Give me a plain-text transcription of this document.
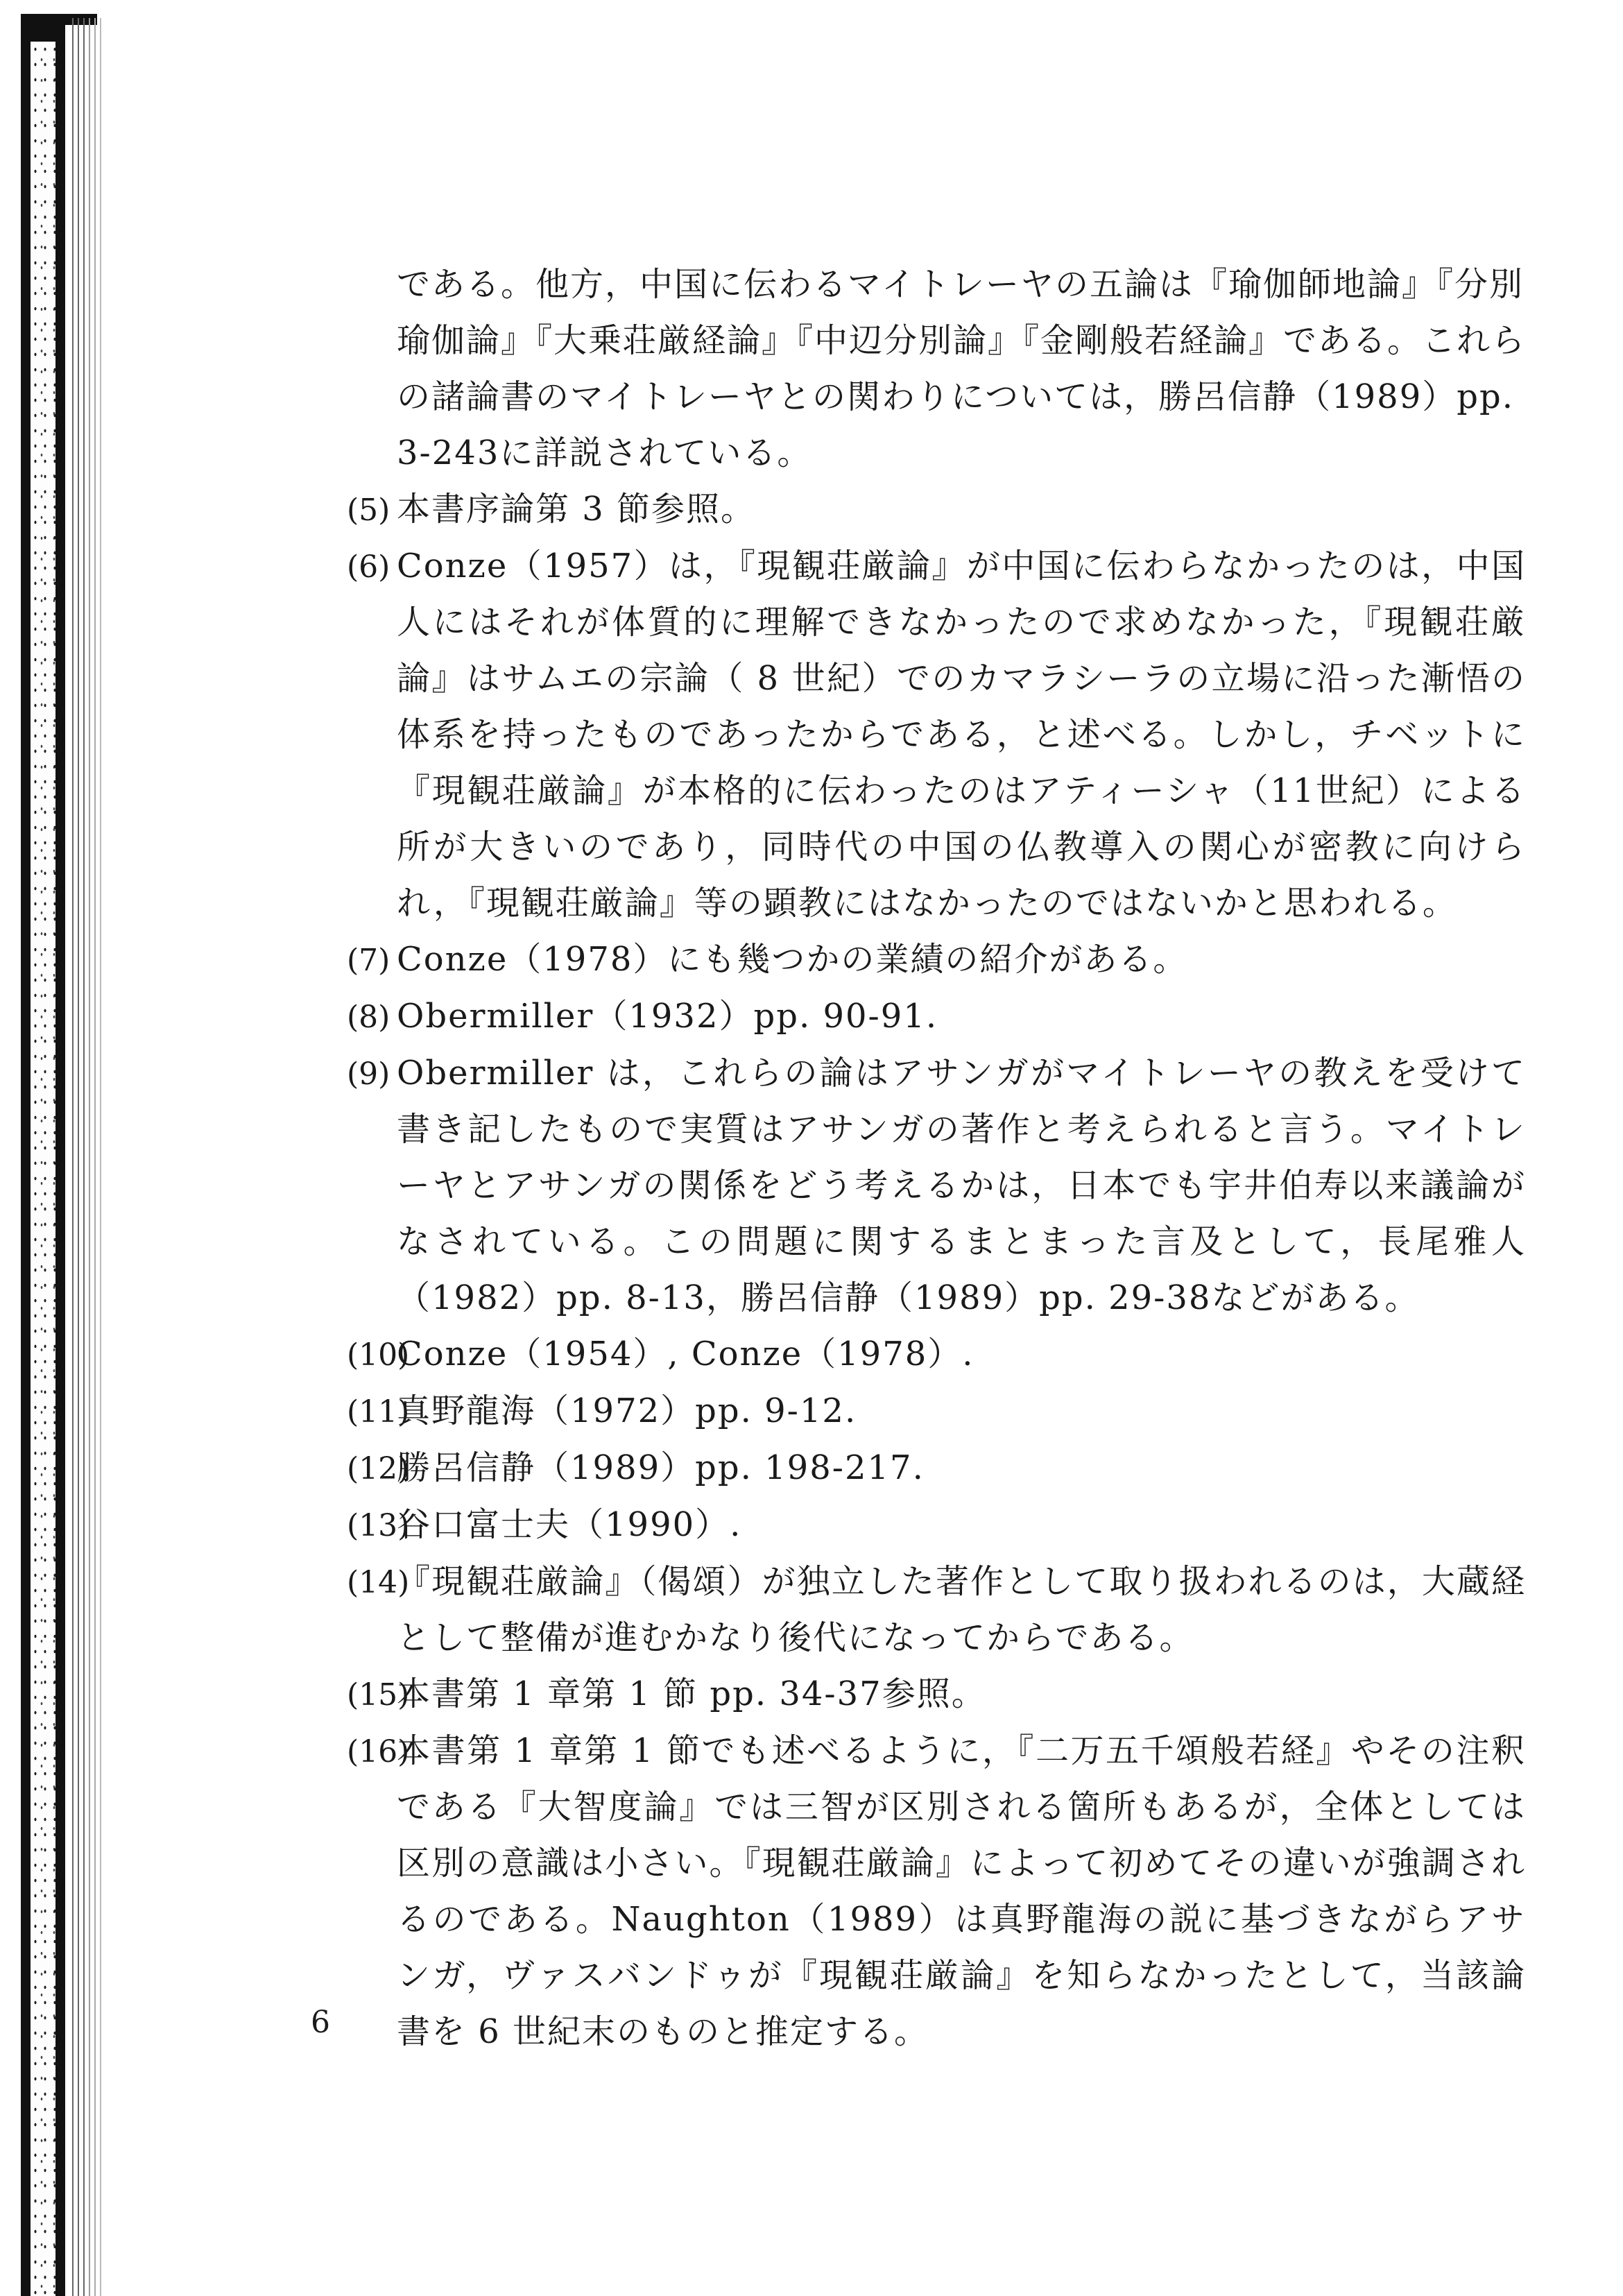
である。他方，中国に伝わるマイトレーヤの五論は『瑜伽師地論』『分別瑜伽論』『大乗荘厳経論』『中辺分別論』『金剛般若経論』である。これらの諸論書のマイトレーヤとの関わりについては，勝呂信静（1989）pp. 3-243に詳説されている。

(5) 本書序論第 3 節参照。
(6) Conze（1957）は，『現観荘厳論』が中国に伝わらなかったのは，中国人にはそれが体質的に理解できなかったので求めなかった，『現観荘厳論』はサムエの宗論（ 8 世紀）でのカマラシーラの立場に沿った漸悟の体系を持ったものであったからである，と述べる。しかし，チベットに『現観荘厳論』が本格的に伝わったのはアティーシャ（11世紀）による所が大きいのであり，同時代の中国の仏教導入の関心が密教に向けられ，『現観荘厳論』等の顕教にはなかったのではないかと思われる。
(7) Conze（1978）にも幾つかの業績の紹介がある。
(8) Obermiller（1932）pp. 90-91.
(9) Obermiller は，これらの論はアサンガがマイトレーヤの教えを受けて書き記したもので実質はアサンガの著作と考えられると言う。マイトレーヤとアサンガの関係をどう考えるかは，日本でも宇井伯寿以来議論がなされている。この問題に関するまとまった言及として，長尾雅人（1982）pp. 8-13，勝呂信静（1989）pp. 29-38などがある。
(10)
Conze（1954）, Conze（1978）.
(11)
真野龍海（1972）pp. 9-12.
(12)
勝呂信静（1989）pp. 198-217.
(13)
谷口富士夫（1990）.
(14)
『現観荘厳論』（偈頌）が独立した著作として取り扱われるのは，大蔵経として整備が進むかなり後代になってからである。
(15)
本書第 1 章第 1 節 pp. 34-37参照。
(16)
本書第 1 章第 1 節でも述べるように，『二万五千頌般若経』やその注釈である『大智度論』では三智が区別される箇所もあるが，全体としては区別の意識は小さい。『現観荘厳論』によって初めてその違いが強調されるのである。Naughton（1989）は真野龍海の説に基づきながらアサンガ，ヴァスバンドゥが『現観荘厳論』を知らなかったとして，当該論書を 6 世紀末のものと推定する。
6
